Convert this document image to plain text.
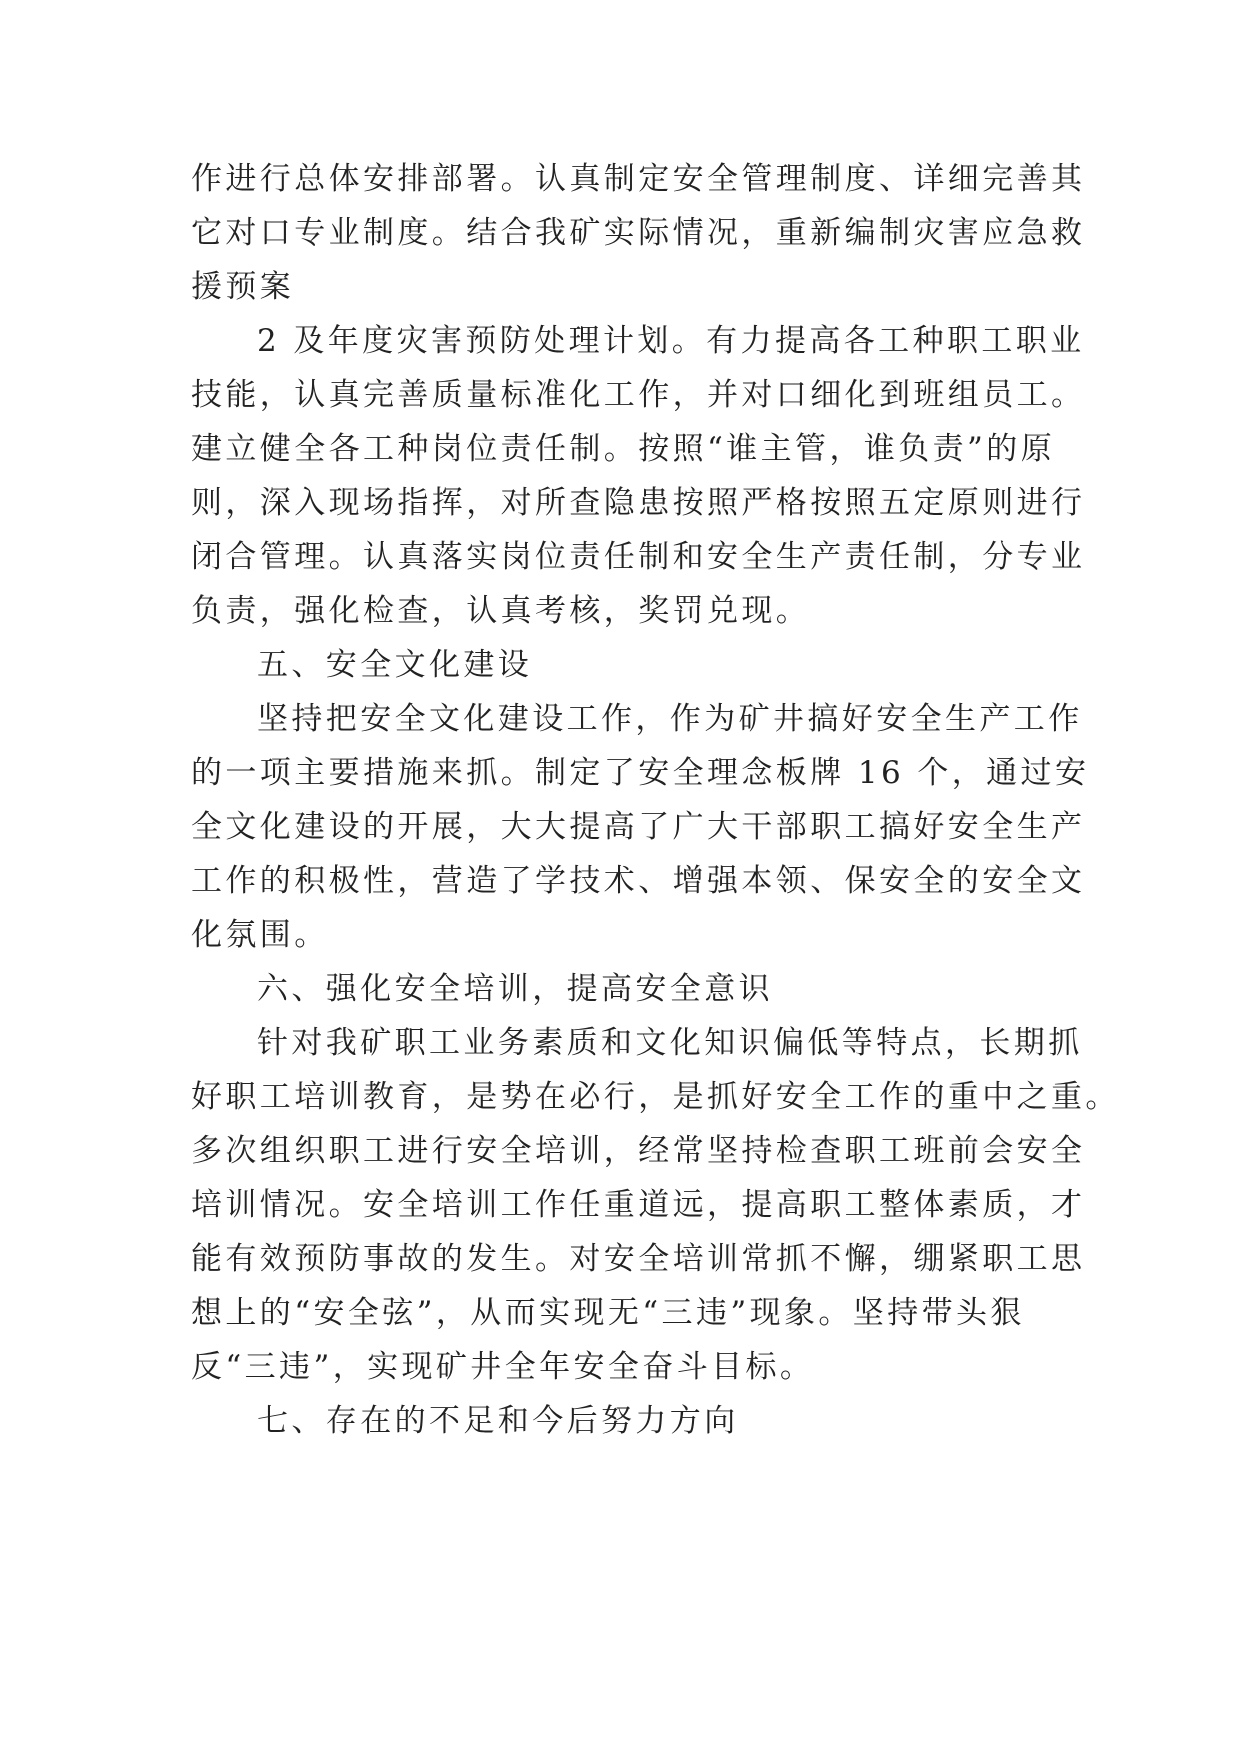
作进行总体安排部署。认真制定安全管理制度、详细完善其
它对口专业制度。结合我矿实际情况，重新编制灾害应急救
援预案
2 及年度灾害预防处理计划。有力提高各工种职工职业
技能，认真完善质量标准化工作，并对口细化到班组员工。
建立健全各工种岗位责任制。按照“谁主管，谁负责”的原
则，深入现场指挥，对所查隐患按照严格按照五定原则进行
闭合管理。认真落实岗位责任制和安全生产责任制，分专业
负责，强化检查，认真考核，奖罚兑现。
五、安全文化建设
坚持把安全文化建设工作，作为矿井搞好安全生产工作
的一项主要措施来抓。制定了安全理念板牌 16 个，通过安
全文化建设的开展，大大提高了广大干部职工搞好安全生产
工作的积极性，营造了学技术、增强本领、保安全的安全文
化氛围。
六、强化安全培训，提高安全意识
针对我矿职工业务素质和文化知识偏低等特点，长期抓
好职工培训教育，是势在必行，是抓好安全工作的重中之重。
多次组织职工进行安全培训，经常坚持检查职工班前会安全
培训情况。安全培训工作任重道远，提高职工整体素质，才
能有效预防事故的发生。对安全培训常抓不懈，绷紧职工思
想上的“安全弦”，从而实现无“三违”现象。坚持带头狠
反“三违”，实现矿井全年安全奋斗目标。
七、存在的不足和今后努力方向
